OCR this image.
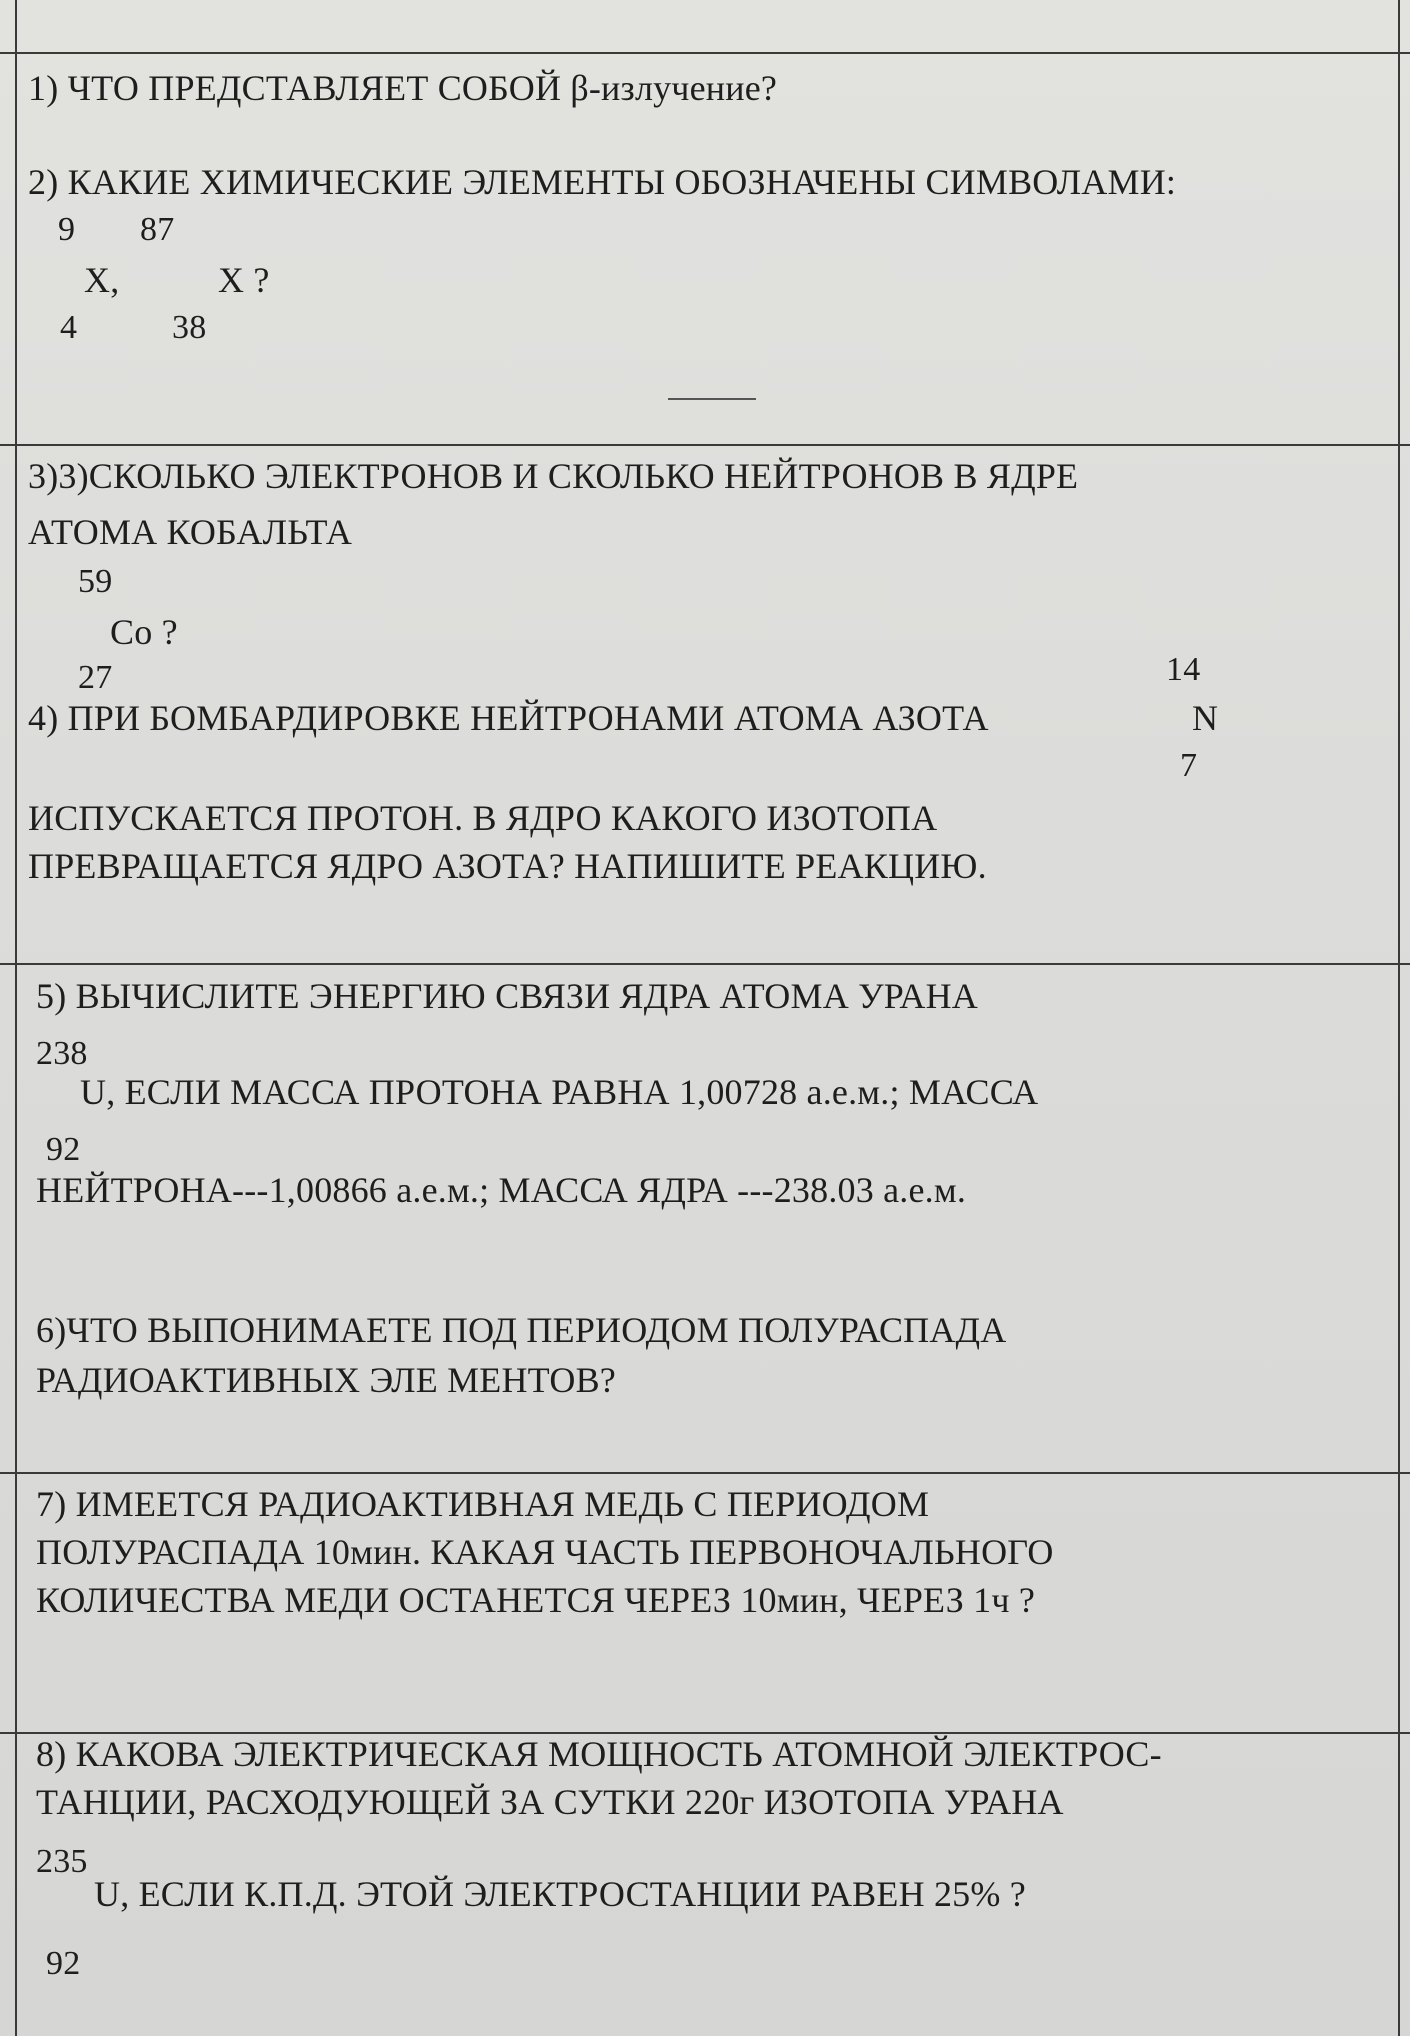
1) ЧТО ПРЕДСТАВЛЯЕТ СОБОЙ β-излучение?
2) КАКИЕ ХИМИЧЕСКИЕ ЭЛЕМЕНТЫ ОБОЗНАЧЕНЫ СИМВОЛАМИ:
9
X,
4
87
X ?
38
3)3)СКОЛЬКО ЭЛЕКТРОНОВ И СКОЛЬКО НЕЙТРОНОВ В ЯДРЕ
АТОМА КОБАЛЬТА
59
Co ?
27	14
4) ПРИ БОМБАРДИРОВКЕ НЕЙТРОНАМИ АТОМА АЗОТА	N
7
ИСПУСКАЕТСЯ ПРОТОН. В ЯДРО КАКОГО ИЗОТОПА
ПРЕВРАЩАЕТСЯ ЯДРО АЗОТА? НАПИШИТЕ РЕАКЦИЮ.
5) ВЫЧИСЛИТЕ ЭНЕРГИЮ СВЯЗИ ЯДРА АТОМА УРАНА
238
U, ЕСЛИ МАССА ПРОТОНА РАВНА 1,00728 а.е.м.; МАССА
92
НЕЙТРОНА---1,00866 а.е.м.; МАССА ЯДРА ---238.03 а.е.м.
6)ЧТО ВЫПОНИМАЕТЕ ПОД ПЕРИОДОМ ПОЛУРАСПАДА
РАДИОАКТИВНЫХ ЭЛЕ МЕНТОВ?
7) ИМЕЕТСЯ РАДИОАКТИВНАЯ МЕДЬ С ПЕРИОДОМ
ПОЛУРАСПАДА 10мин. КАКАЯ ЧАСТЬ ПЕРВОНОЧАЛЬНОГО
КОЛИЧЕСТВА МЕДИ ОСТАНЕТСЯ ЧЕРЕЗ 10мин, ЧЕРЕЗ 1ч ?
8) КАКОВА ЭЛЕКТРИЧЕСКАЯ МОЩНОСТЬ АТОМНОЙ ЭЛЕКТРОС-
ТАНЦИИ, РАСХОДУЮЩЕЙ ЗА СУТКИ 220г ИЗОТОПА УРАНА
235
U, ЕСЛИ К.П.Д. ЭТОЙ ЭЛЕКТРОСТАНЦИИ РАВЕН 25% ?
92
